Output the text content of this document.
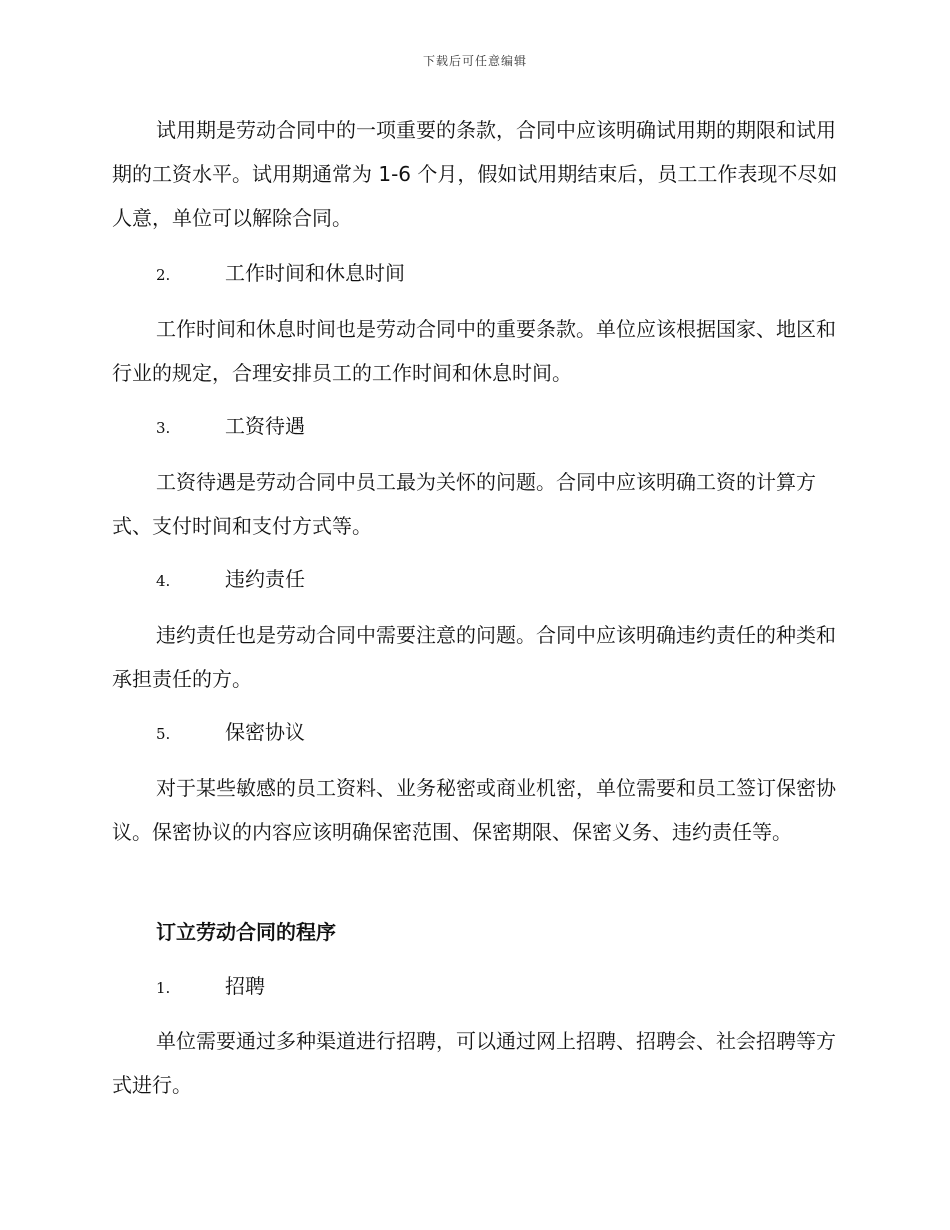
下载后可任意编辑

试用期是劳动合同中的一项重要的条款，合同中应该明确试用期的期限和试用期的工资水平。试用期通常为 1-6 个月，假如试用期结束后，员工工作表现不尽如人意，单位可以解除合同。

2.	工作时间和休息时间

工作时间和休息时间也是劳动合同中的重要条款。单位应该根据国家、地区和行业的规定，合理安排员工的工作时间和休息时间。

3.	工资待遇

工资待遇是劳动合同中员工最为关怀的问题。合同中应该明确工资的计算方式、支付时间和支付方式等。

4.	违约责任

违约责任也是劳动合同中需要注意的问题。合同中应该明确违约责任的种类和承担责任的方。

5.	保密协议

对于某些敏感的员工资料、业务秘密或商业机密，单位需要和员工签订保密协议。保密协议的内容应该明确保密范围、保密期限、保密义务、违约责任等。

订立劳动合同的程序
1.	招聘

单位需要通过多种渠道进行招聘，可以通过网上招聘、招聘会、社会招聘等方式进行。
